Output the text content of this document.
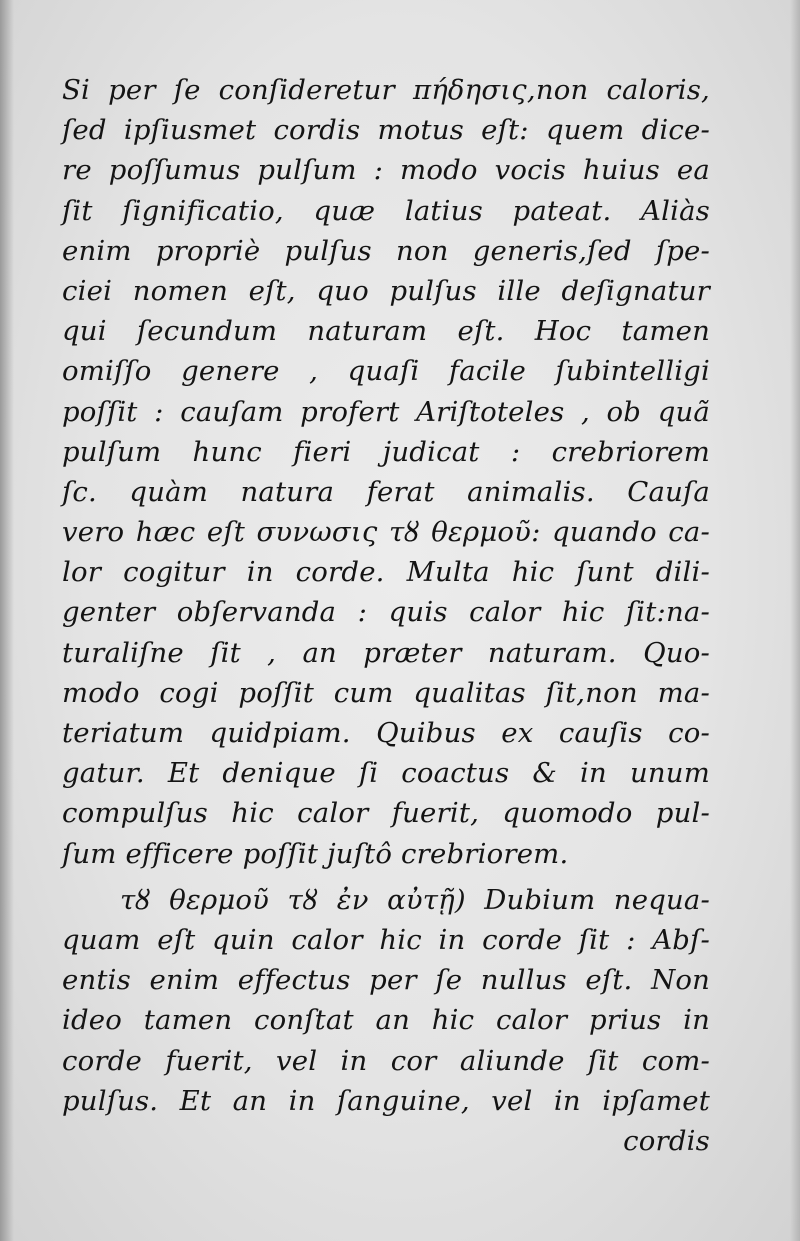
Si per ſe conſideretur πήδησις,non caloris,
ſed ipſiusmet cordis motus eſt: quem dice-
re poſſumus pulſum : modo vocis huius ea
ſit ſignificatio, quæ latius pateat. Aliàs
enim propriè pulſus non generis,ſed ſpe-
ciei nomen eſt, quo pulſus ille deſignatur
qui ſecundum naturam eſt. Hoc tamen
omiſſo genere , quaſi facile ſubintelligi
poſſit : cauſam profert Ariſtoteles , ob quã
pulſum hunc fieri judicat : crebriorem
ſc. quàm natura ferat animalis. Cauſa
vero hæc eſt συνωσις τȣ θερμοῦ: quando ca-
lor cogitur in corde. Multa hic ſunt dili-
genter obſervanda : quis calor hic ſit:na-
turaliſne ſit , an præter naturam. Quo-
modo cogi poſſit cum qualitas ſit,non ma-
teriatum quidpiam. Quibus ex cauſis co-
gatur. Et denique ſi coactus & in unum
compulſus hic calor fuerit, quomodo pul-
ſum efficere poſſit juſtô crebriorem.
τȣ θερμοῦ τȣ ἐν αὐτῇ) Dubium nequa-
quam eſt quin calor hic in corde ſit : Abſ-
entis enim effectus per ſe nullus eſt. Non
ideo tamen conſtat an hic calor prius in
corde fuerit, vel in cor aliunde ſit com-
pulſus. Et an in ſanguine, vel in ipſamet
cordis
